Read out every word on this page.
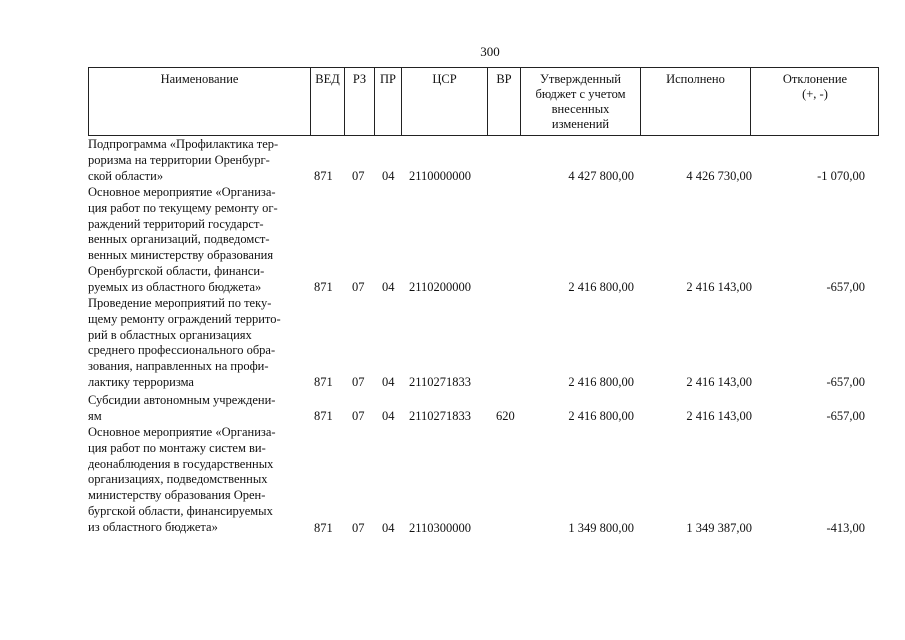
300
Наименование	ВЕД	РЗ	ПР	ЦСР	ВР	Утвержденный
бюджет с учетом
внесенных
изменений
Исполнено	Отклонение
(+, -)
Подпрограмма «Профилактика тер-
роризма на территории Оренбург-
ской области»	871 07 04 2110000000	4 427 800,00	4 426 730,00	-1 070,00
Основное мероприятие «Организа-
ция работ по текущему ремонту ог-
раждений территорий государст-
венных организаций, подведомст-
венных министерству образования
Оренбургской области, финанси-
руемых из областного бюджета»	871 07 04 2110200000	2 416 800,00	2 416 143,00	-657,00
Проведение мероприятий по теку-
щему ремонту ограждений террито-
рий в областных организациях
среднего профессионального обра-
зования, направленных на профи-
лактику терроризма	871 07 04 2110271833	2 416 800,00	2 416 143,00	-657,00
Субсидии автономным учреждени-
ям	871 07 04 2110271833 620	2 416 800,00	2 416 143,00	-657,00
Основное мероприятие «Организа-
ция работ по монтажу систем ви-
деонаблюдения в государственных
организациях, подведомственных
министерству образования Орен-
бургской области, финансируемых
из областного бюджета»	871 07 04 2110300000	1 349 800,00	1 349 387,00	-413,00
